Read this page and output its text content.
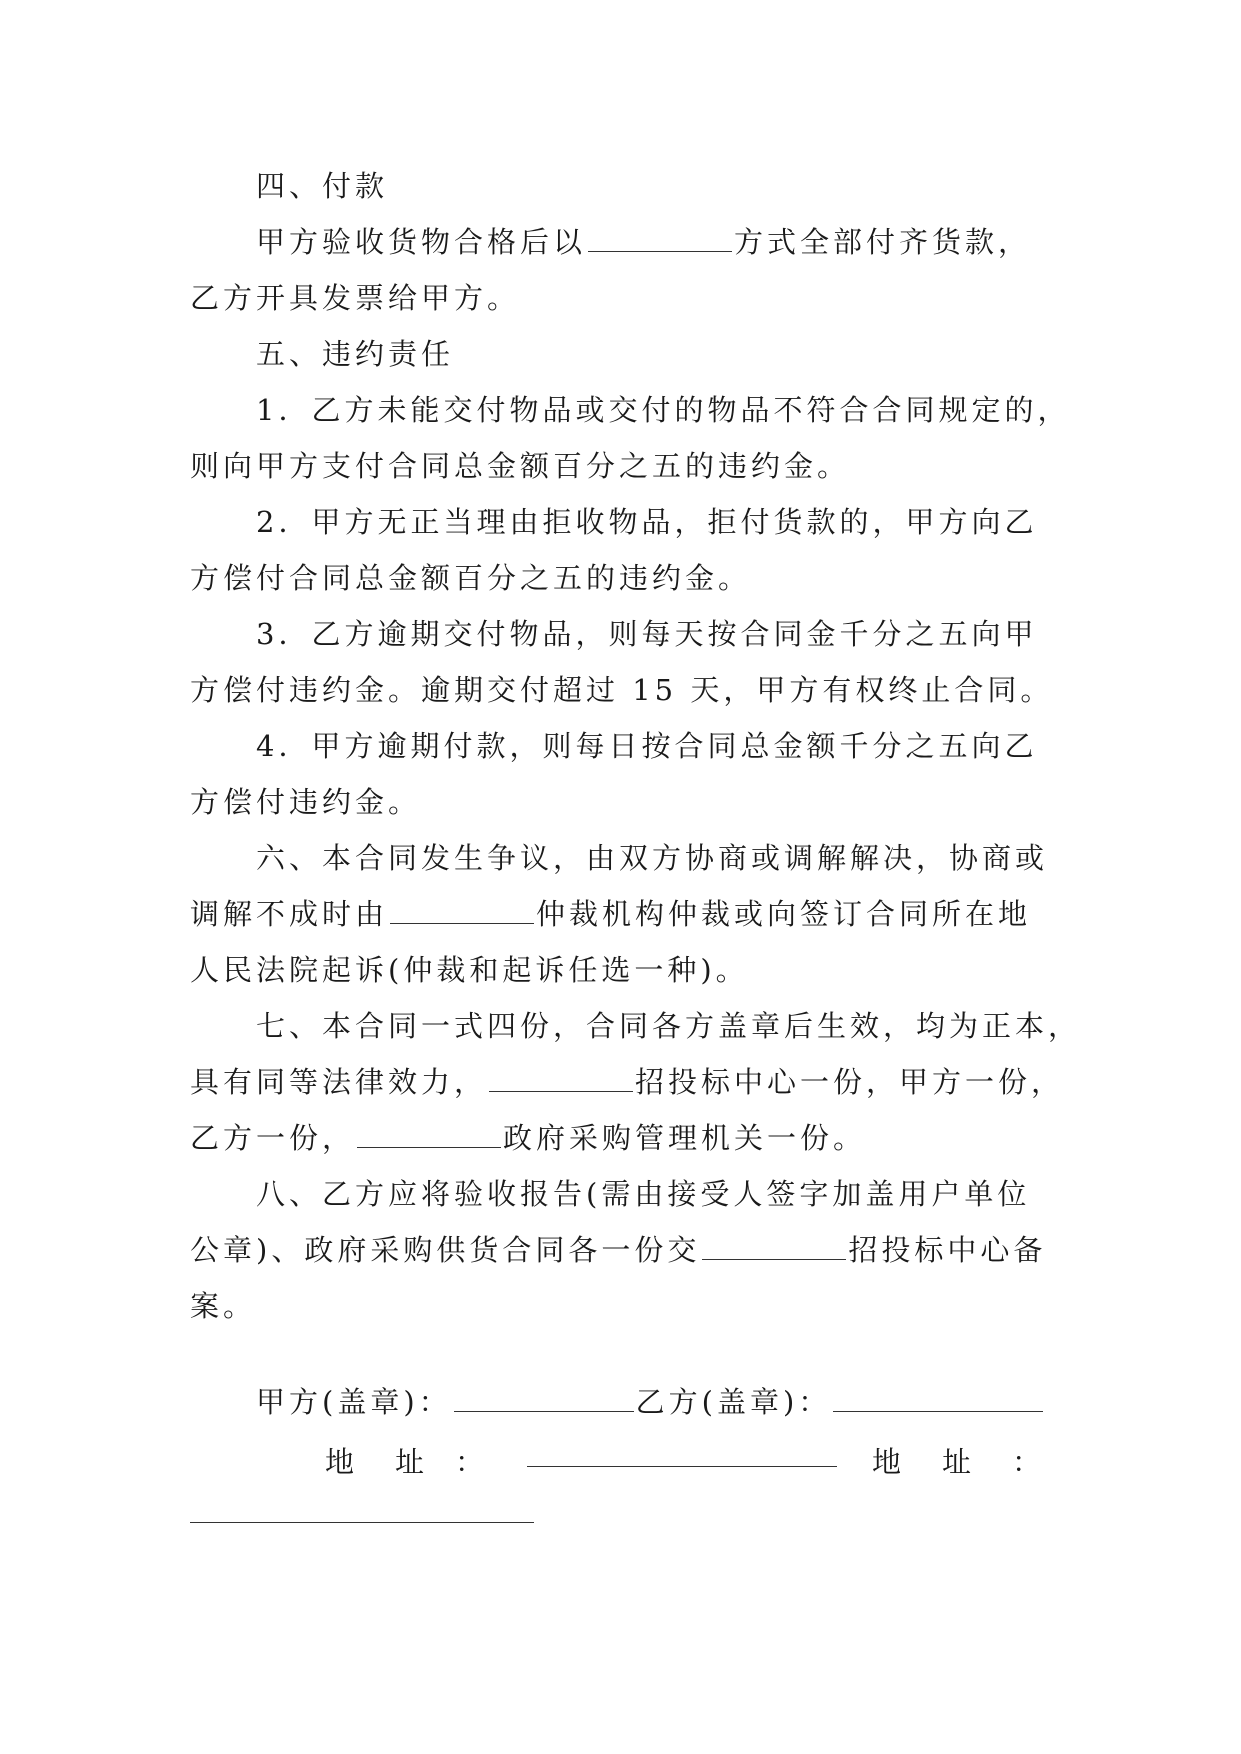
四、付款
甲方验收货物合格后以	方式全部付齐货款，
乙方开具发票给甲方。
五、违约责任
1．乙方未能交付物品或交付的物品不符合合同规定的，
则向甲方支付合同总金额百分之五的违约金。
2．甲方无正当理由拒收物品，拒付货款的，甲方向乙
方偿付合同总金额百分之五的违约金。
3．乙方逾期交付物品，则每天按合同金千分之五向甲
方偿付违约金。逾期交付超过 15 天，甲方有权终止合同。
4．甲方逾期付款，则每日按合同总金额千分之五向乙
方偿付违约金。
六、本合同发生争议，由双方协商或调解解决，协商或
调解不成时由	仲裁机构仲裁或向签订合同所在地
人民法院起诉(仲裁和起诉任选一种)。
七、本合同一式四份，合同各方盖章后生效，均为正本，
具有同等法律效力，	招投标中心一份，甲方一份，
乙方一份，	政府采购管理机关一份。
八、乙方应将验收报告(需由接受人签字加盖用户单位
公章)、政府采购供货合同各一份交	招投标中心备
案。
甲方(盖章)：	乙方(盖章)：
地 址 ：	地 址 ：
